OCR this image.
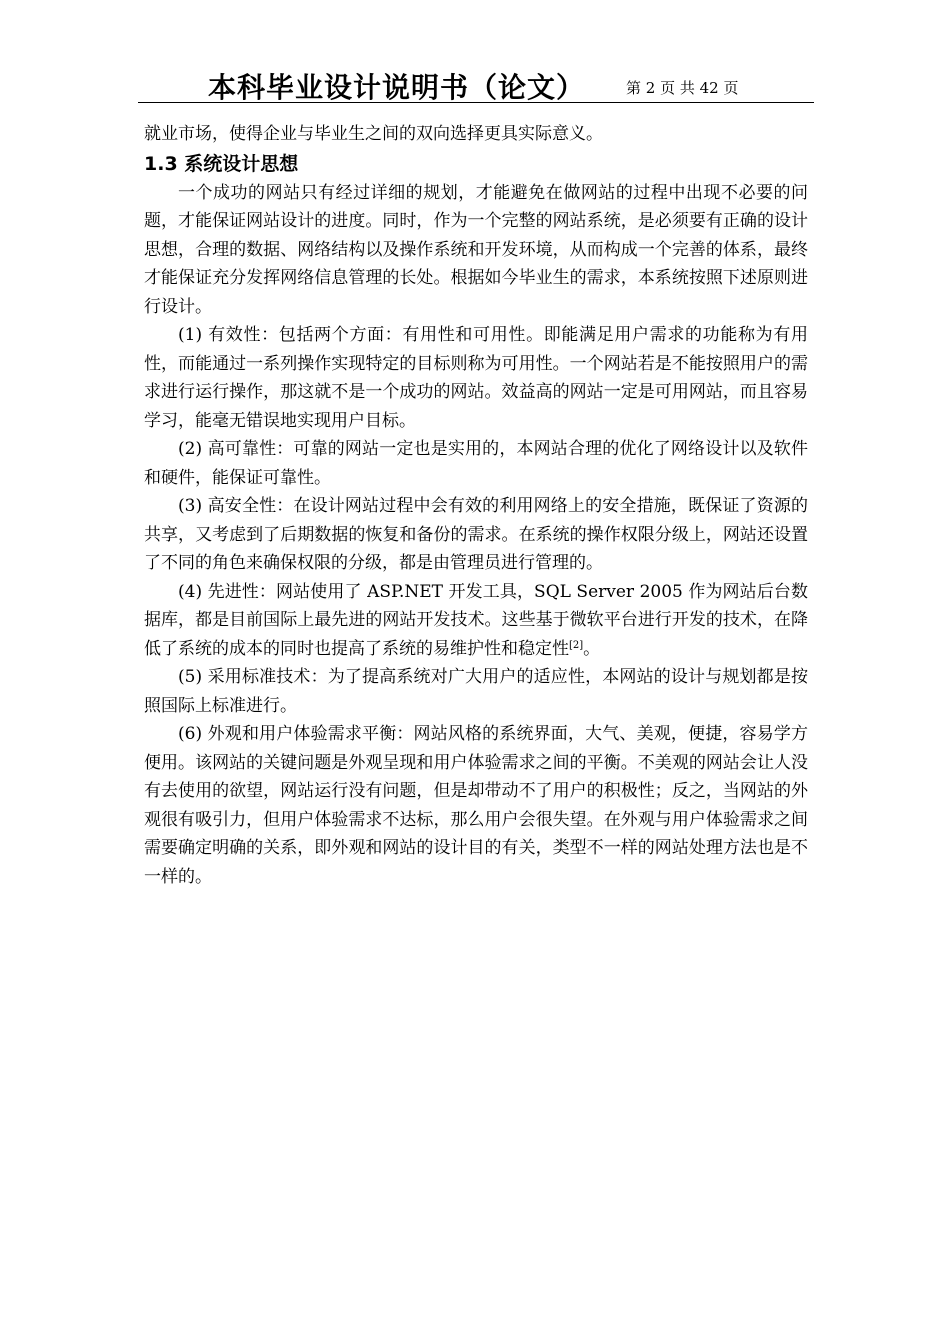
本科毕业设计说明书（论文）	第 2 页 共 42 页

就业市场，使得企业与毕业生之间的双向选择更具实际意义。

1.3 系统设计思想

一个成功的网站只有经过详细的规划，才能避免在做网站的过程中出现不必要的问题，才能保证网站设计的进度。同时，作为一个完整的网站系统，是必须要有正确的设计思想，合理的数据、网络结构以及操作系统和开发环境，从而构成一个完善的体系，最终才能保证充分发挥网络信息管理的长处。根据如今毕业生的需求，本系统按照下述原则进行设计。

(1) 有效性：包括两个方面：有用性和可用性。即能满足用户需求的功能称为有用性，而能通过一系列操作实现特定的目标则称为可用性。一个网站若是不能按照用户的需求进行运行操作，那这就不是一个成功的网站。效益高的网站一定是可用网站，而且容易学习，能毫无错误地实现用户目标。

(2) 高可靠性：可靠的网站一定也是实用的，本网站合理的优化了网络设计以及软件和硬件，能保证可靠性。

(3) 高安全性：在设计网站过程中会有效的利用网络上的安全措施，既保证了资源的共享，又考虑到了后期数据的恢复和备份的需求。在系统的操作权限分级上，网站还设置了不同的角色来确保权限的分级，都是由管理员进行管理的。

(4) 先进性：网站使用了 ASP.NET 开发工具，SQL Server 2005 作为网站后台数据库，都是目前国际上最先进的网站开发技术。这些基于微软平台进行开发的技术，在降低了系统的成本的同时也提高了系统的易维护性和稳定性[2]。

(5) 采用标准技术：为了提高系统对广大用户的适应性，本网站的设计与规划都是按照国际上标准进行。

(6) 外观和用户体验需求平衡：网站风格的系统界面，大气、美观，便捷，容易学方便用。该网站的关键问题是外观呈现和用户体验需求之间的平衡。不美观的网站会让人没有去使用的欲望，网站运行没有问题，但是却带动不了用户的积极性；反之，当网站的外观很有吸引力，但用户体验需求不达标，那么用户会很失望。在外观与用户体验需求之间需要确定明确的关系，即外观和网站的设计目的有关，类型不一样的网站处理方法也是不一样的。
